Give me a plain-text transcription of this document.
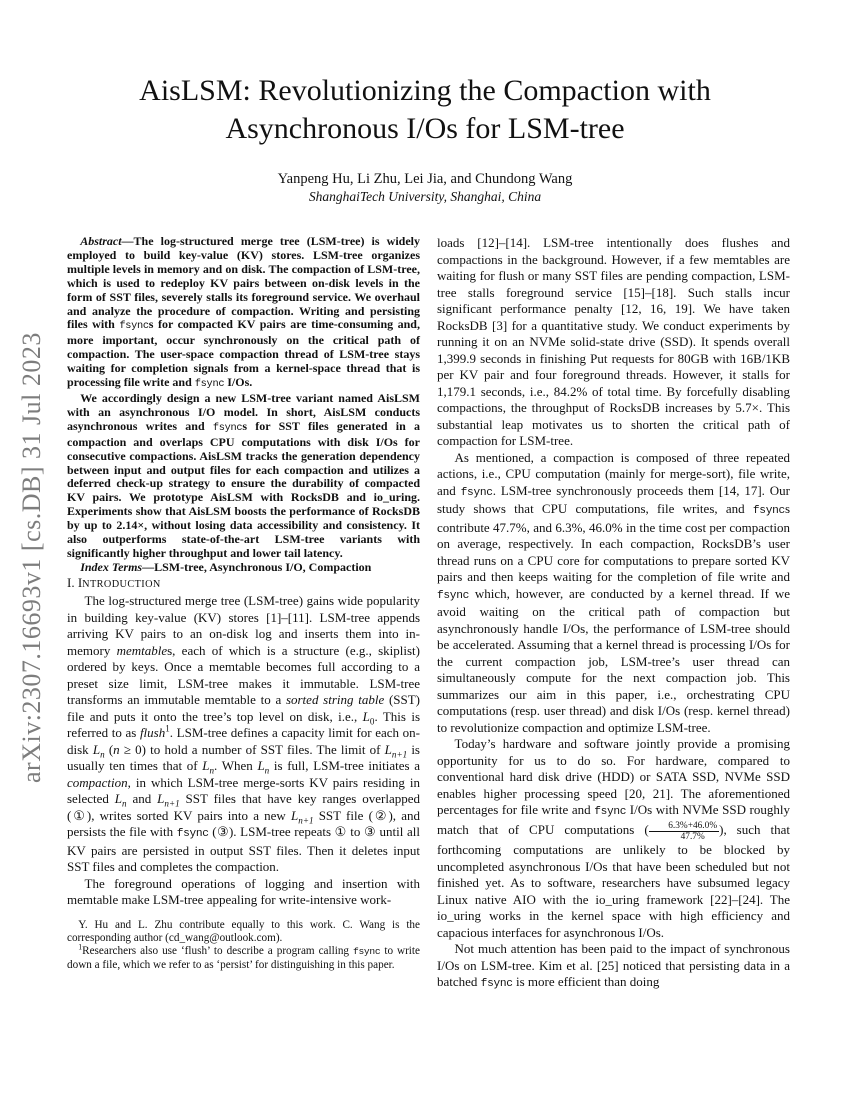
arXiv:2307.16693v1 [cs.DB] 31 Jul 2023
AisLSM: Revolutionizing the Compaction with
Asynchronous I/Os for LSM-tree
Yanpeng Hu, Li Zhu, Lei Jia, and Chundong Wang
ShanghaiTech University, Shanghai, China

Abstract—The log-structured merge tree (LSM-tree) is widely employed to build key-value (KV) stores. LSM-tree organizes multiple levels in memory and on disk. The compaction of LSM-tree, which is used to redeploy KV pairs between on-disk levels in the form of SST files, severely stalls its foreground service. We overhaul and analyze the procedure of compaction. Writing and persisting files with fsyncs for compacted KV pairs are time-consuming and, more important, occur synchronously on the critical path of compaction. The user-space compaction thread of LSM-tree stays waiting for completion signals from a kernel-space thread that is processing file write and fsync I/Os.

We accordingly design a new LSM-tree variant named AisLSM with an asynchronous I/O model. In short, AisLSM conducts asynchronous writes and fsyncs for SST files generated in a compaction and overlaps CPU computations with disk I/Os for consecutive compactions. AisLSM tracks the generation dependency between input and output files for each compaction and utilizes a deferred check-up strategy to ensure the durability of compacted KV pairs. We prototype AisLSM with RocksDB and io_uring. Experiments show that AisLSM boosts the performance of RocksDB by up to 2.14×, without losing data accessibility and consistency. It also outperforms state-of-the-art LSM-tree variants with significantly higher throughput and lower tail latency.

Index Terms—LSM-tree, Asynchronous I/O, Compaction

I. INTRODUCTION

The log-structured merge tree (LSM-tree) gains wide popularity in building key-value (KV) stores [1]–[11]. LSM-tree appends arriving KV pairs to an on-disk log and inserts them into in-memory memtables, each of which is a structure (e.g., skiplist) ordered by keys. Once a memtable becomes full according to a preset size limit, LSM-tree makes it immutable. LSM-tree transforms an immutable memtable to a sorted string table (SST) file and puts it onto the tree’s top level on disk, i.e., $L_0$. This is referred to as flush$^1$. LSM-tree defines a capacity limit for each on-disk $L_n$ (n ≥ 0) to hold a number of SST files. The limit of $L_{n+1}$ is usually ten times that of $L_n$. When $L_n$ is full, LSM-tree initiates a compaction, in which LSM-tree merge-sorts KV pairs residing in selected $L_n$ and $L_{n+1}$ SST files that have key ranges overlapped (①), writes sorted KV pairs into a new $L_{n+1}$ SST file (②), and persists the file with fsync (③). LSM-tree repeats ① to ③ until all KV pairs are persisted in output SST files. Then it deletes input SST files and completes the compaction.

The foreground operations of logging and insertion with memtable make LSM-tree appealing for write-intensive work-

Y. Hu and L. Zhu contribute equally to this work. C. Wang is the corresponding author (cd_wang@outlook.com).

$^1$Researchers also use ‘flush’ to describe a program calling fsync to write down a file, which we refer to as ‘persist’ for distinguishing in this paper.

loads [12]–[14]. LSM-tree intentionally does flushes and compactions in the background. However, if a few memtables are waiting for flush or many SST files are pending compaction, LSM-tree stalls foreground service [15]–[18]. Such stalls incur significant performance penalty [12, 16, 19]. We have taken RocksDB [3] for a quantitative study. We conduct experiments by running it on an NVMe solid-state drive (SSD). It spends overall 1,399.9 seconds in finishing Put requests for 80GB with 16B/1KB per KV pair and four foreground threads. However, it stalls for 1,179.1 seconds, i.e., 84.2% of total time. By forcefully disabling compactions, the throughput of RocksDB increases by 5.7×. This substantial leap motivates us to shorten the critical path of compaction for LSM-tree.

As mentioned, a compaction is composed of three repeated actions, i.e., CPU computation (mainly for merge-sort), file write, and fsync. LSM-tree synchronously proceeds them [14, 17]. Our study shows that CPU computations, file writes, and fsyncs contribute 47.7%, and 6.3%, 46.0% in the time cost per compaction on average, respectively. In each compaction, RocksDB’s user thread runs on a CPU core for computations to prepare sorted KV pairs and then keeps waiting for the completion of file write and fsync which, however, are conducted by a kernel thread. If we avoid waiting on the critical path of compaction but asynchronously handle I/Os, the performance of LSM-tree should be accelerated. Assuming that a kernel thread is processing I/Os for the current compaction job, LSM-tree’s user thread can simultaneously compute for the next compaction job. This summarizes our aim in this paper, i.e., orchestrating CPU computations (resp. user thread) and disk I/Os (resp. kernel thread) to revolutionize compaction and optimize LSM-tree.

Today’s hardware and software jointly provide a promising opportunity for us to do so. For hardware, compared to conventional hard disk drive (HDD) or SATA SSD, NVMe SSD enables higher processing speed [20, 21]. The aforementioned percentages for file write and fsync I/Os with NVMe SSD roughly match that of CPU computations ( $\frac{6.3\%+46.0\%}{47.7\%}$ ), such that forthcoming computations are unlikely to be blocked by uncompleted asynchronous I/Os that have been scheduled but not finished yet. As to software, researchers have subsumed legacy Linux native AIO with the io_uring framework [22]–[24]. The io_uring works in the kernel space with high efficiency and capacious interfaces for asynchronous I/Os.

Not much attention has been paid to the impact of synchronous I/Os on LSM-tree. Kim et al. [25] noticed that persisting data in a batched fsync is more efficient than doing
